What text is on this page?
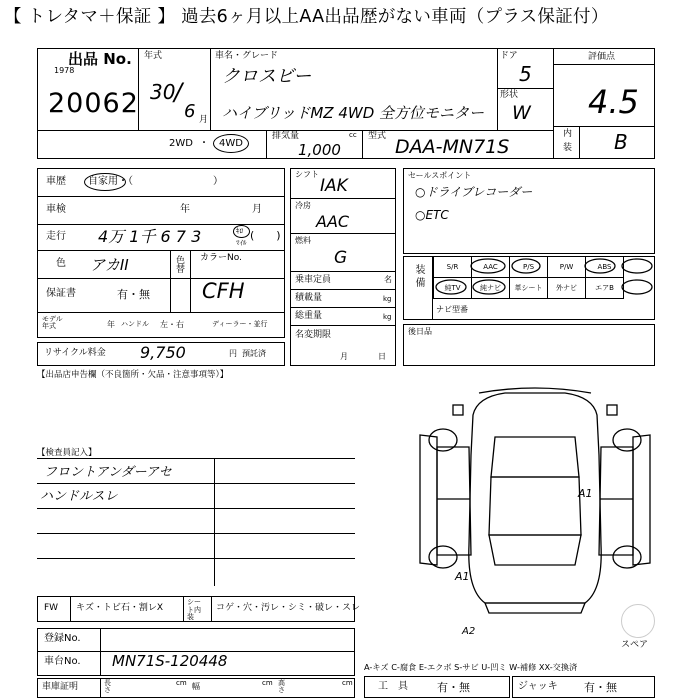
【 トレタマ＋保証 】 過去6ヶ月以上AA出品歴がない車両（プラス保証付）
出品 No.
1978
20062
年式
30
/
6 月
車名・グレード
クロスビー
ハイブリッドMZ 4WD 全方位モニター
ドア
5
形状
W
評価点
4.5
内
装 B
2WD ・ 4WD
排気量	cc
1,000
型式 DAA-MN71S
車歴 自家用・（　　　　　　　　）
車検	年	月
走行 4万 1千 6 7 3	ｷﾛ
ﾏｲﾙ
(　　)
色 アカII	色替 カラーNo.
保証書	有・無 CFH
モデル年式	年 ハンドル 左・右	ディーラー・並行
リサイクル料金 9,750	円 預託済
【出品店申告欄（不良箇所・欠品・注意事項等）】
シフト
IAK
冷房
AAC
燃料
G
乗車定員	名
積載量	kg
総重量	kg
名変期限
月日
セールスポイント
○ドライブレコーダー
○ETC
装備	S/R	AAC	P/S	P/W	ABS
純TV	純ナビ	革シート	外ナビ	エアB
ナビ型番
後日品
【検査員記入】
フロントアンダーアセ
ハンドルスレ	A1
A1
A2
スペア
FW キズ・トビ石・割レX
シート内装
コゲ・穴・汚レ・シミ・破レ・スレ
登録No.
車台No. MN71S-120448
車庫証明	長さ
cm 幅	cm 高さ
cm
A-キズ C-腐食 E-エクボ S-サビ U-凹ミ W-補修 XX-交換済
工　具	有・無	ジャッキ 有・無
